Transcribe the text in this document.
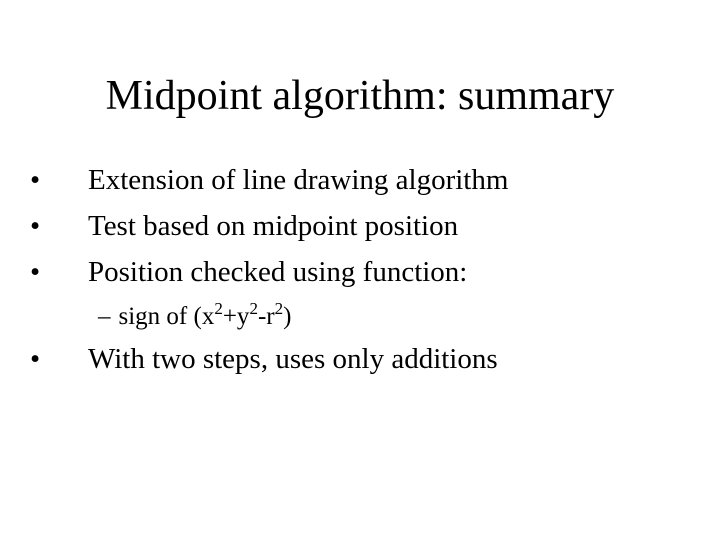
Midpoint algorithm: summary
•Extension of line drawing algorithm
•Test based on midpoint position
•Position checked using function:
– sign of $(x^2+y^2-r^2)$
•With two steps, uses only additions
